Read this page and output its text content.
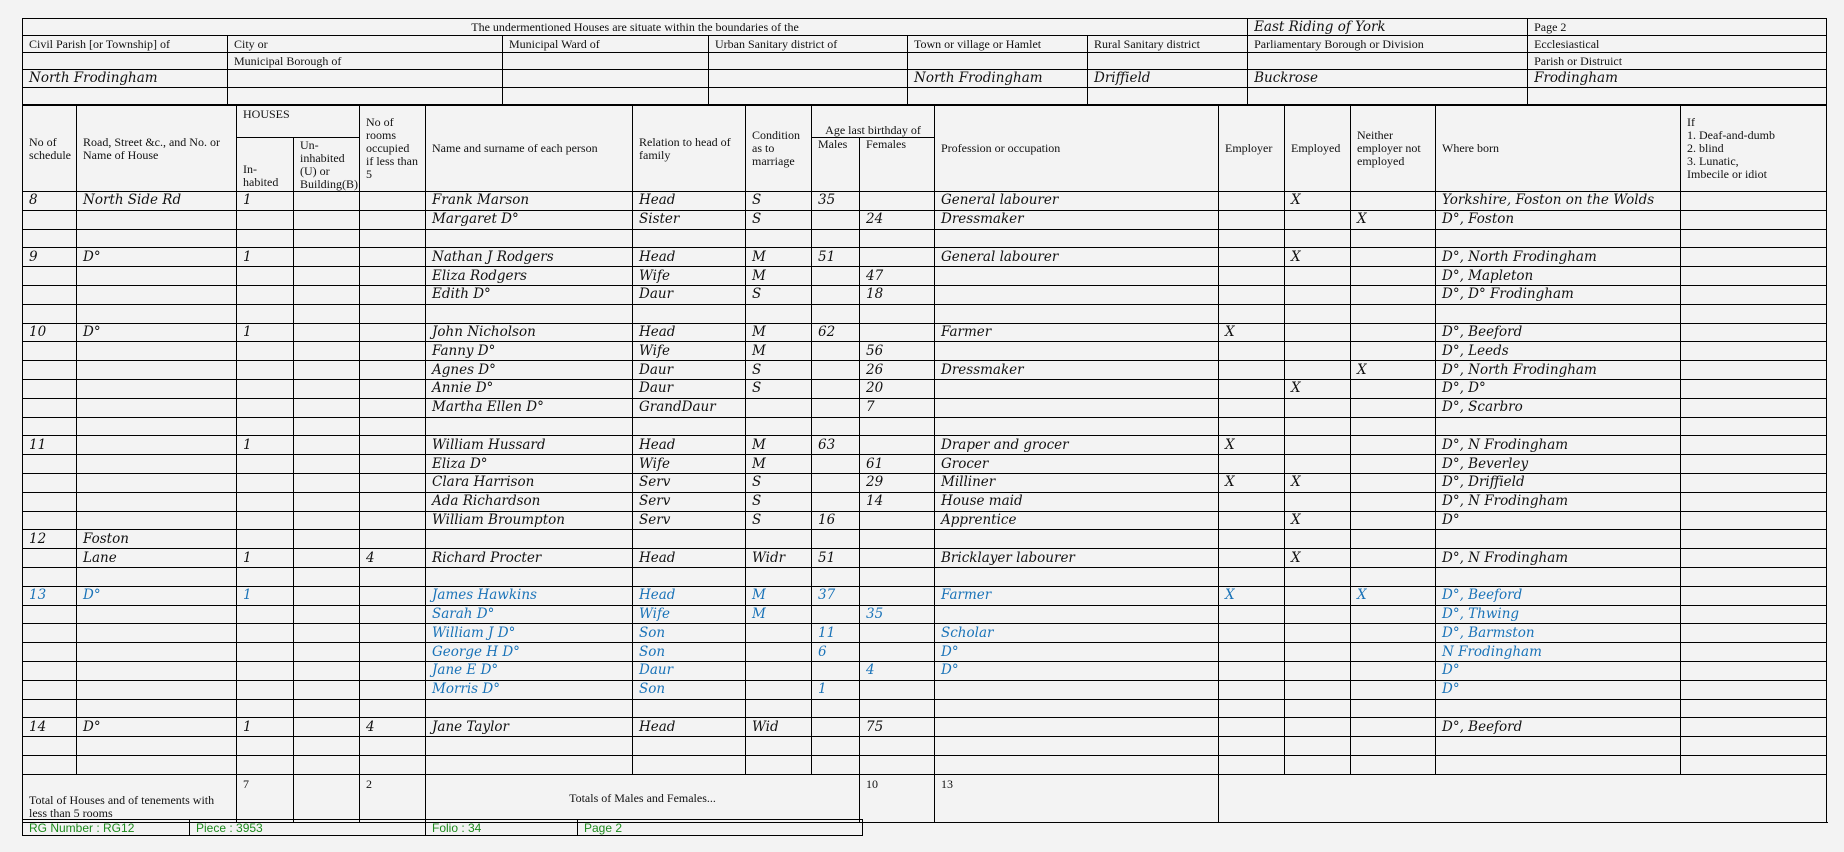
The undermentioned Houses are situate within the boundaries of the						East Riding of York	Page 2
Civil Parish [or Township] of	City or	Municipal Ward of	Urban Sanitary district of	Town or village or Hamlet	Rural Sanitary district	Parliamentary Borough or Division	Ecclesiastical
	Municipal Borough of						Parish or Distruict
North Frodingham				North Frodingham	Driffield	Buckrose	Frodingham

No of schedule	Road, Street &c., and No. or Name of House	HOUSES		No of rooms occupied if less than 5	Name and surname of each person	Relation to head of family	Condition as to marriage	Age last birthday of		Profession or occupation	Employer	Employed	Neither employer not employed	Where born	If
1. Deaf-and-dumb
2. blind
3. Lunatic,
Imbecile or idiot

		In-habited	Un-inhabited (U) or Building(B)					Males	Females						
8	North Side Rd	1			Frank Marson	Head	S	35		General labourer		X		Yorkshire, Foston on the Wolds	
					Margaret D°	Sister	S		24	Dressmaker			X	D°, Foston	

9	D°	1			Nathan J Rodgers	Head	M	51		General labourer		X		D°, North Frodingham	
					Eliza Rodgers	Wife	M		47					D°, Mapleton	
					Edith D°	Daur	S		18					D°, D° Frodingham	

10	D°	1			John Nicholson	Head	M	62		Farmer	X			D°, Beeford	
					Fanny D°	Wife	M		56					D°, Leeds	
					Agnes D°	Daur	S		26	Dressmaker			X	D°, North Frodingham	
					Annie D°	Daur	S		20			X		D°, D°	
					Martha Ellen D°	GrandDaur			7					D°, Scarbro	

11		1			William Hussard	Head	M	63		Draper and grocer	X			D°, N Frodingham	
					Eliza D°	Wife	M		61	Grocer				D°, Beverley	
					Clara Harrison	Serv	S		29	Milliner	X	X		D°, Driffield	
					Ada Richardson	Serv	S		14	House maid				D°, N Frodingham	
					William Broumpton	Serv	S	16		Apprentice		X		D°	
12	Foston														
	Lane	1		4	Richard Procter	Head	Widr	51		Bricklayer labourer		X		D°, N Frodingham	

13	D°	1			James Hawkins	Head	M	37		Farmer	X		X	D°, Beeford	
					Sarah D°	Wife	M		35					D°, Thwing	
					William J D°	Son		11		Scholar				D°, Barmston	
					George H D°	Son		6		D°				N Frodingham	
					Jane E D°	Daur			4	D°				D°	
					Morris D°	Son		1						D°	

14	D°	1		4	Jane Taylor	Head	Wid		75					D°, Beeford	

Total of Houses and of tenements with less than 5 rooms		7		2	Totals of Males and Females...				10	13					
RG Number : RG12	Piece : 3953	Folio : 34	Page 2
